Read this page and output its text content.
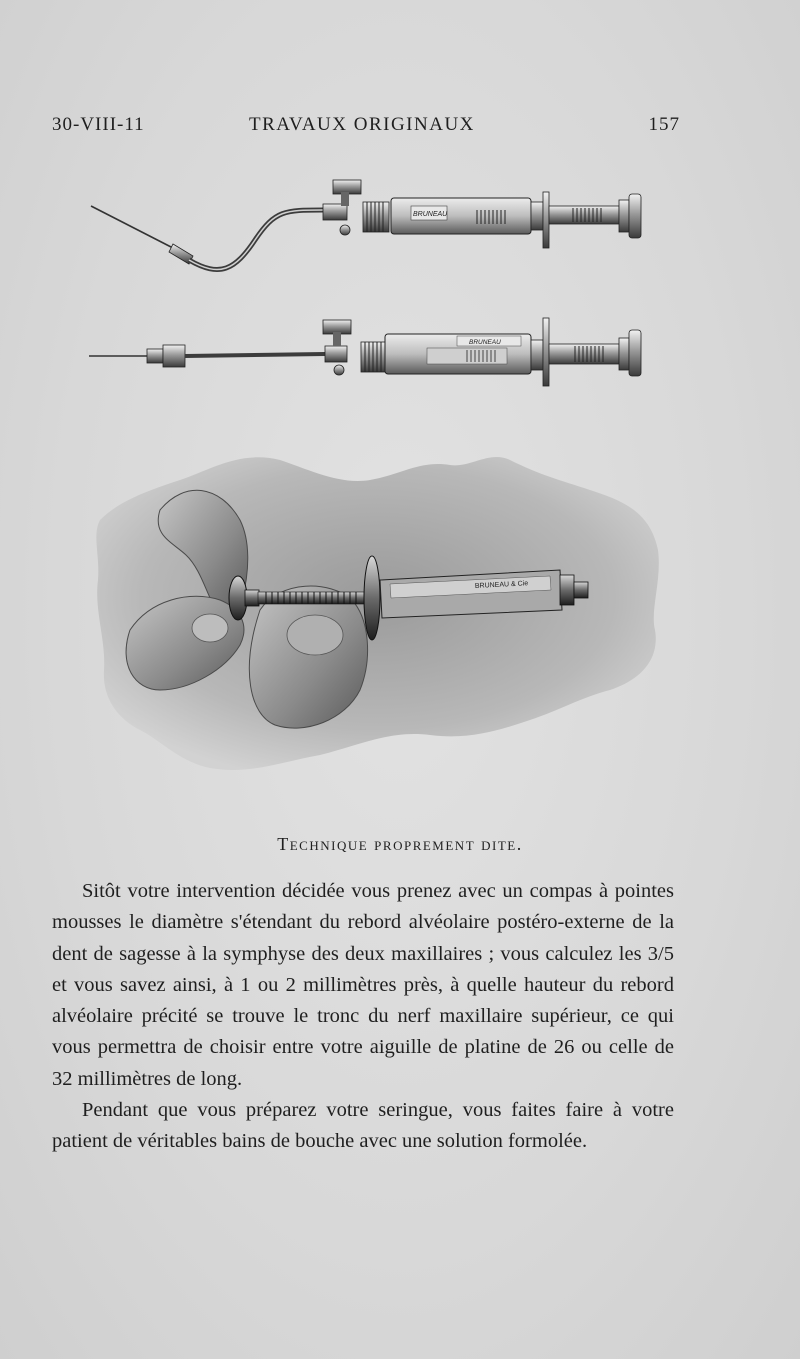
30-VIII-11	TRAVAUX ORIGINAUX	157
BRUNEAU
BRUNEAU
BRUNEAU & Cie
Technique proprement dite.

Sitôt votre intervention décidée vous prenez avec un compas à pointes mousses le diamètre s'étendant du rebord alvéolaire postéro-externe de la dent de sagesse à la symphyse des deux maxillaires ; vous calculez les 3/5 et vous savez ainsi, à 1 ou 2 millimètres près, à quelle hauteur du rebord alvéolaire précité se trouve le tronc du nerf maxillaire supérieur, ce qui vous permettra de choisir entre votre aiguille de platine de 26 ou celle de 32 millimètres de long.

Pendant que vous préparez votre seringue, vous faites faire à votre patient de véritables bains de bouche avec une solution formolée.
